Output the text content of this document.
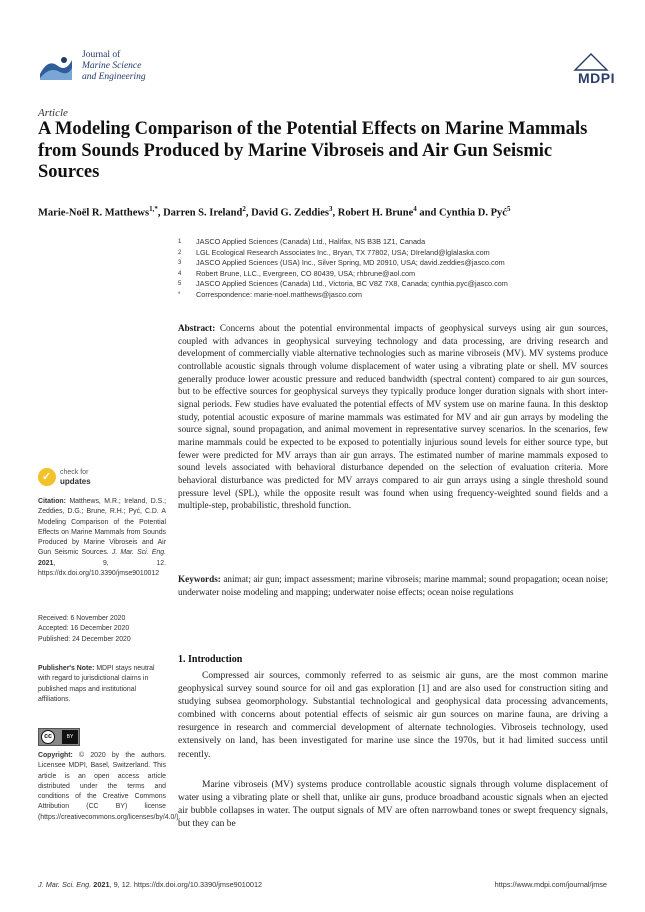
Journal of
Marine Science
and Engineering	MDPI
Article
A Modeling Comparison of the Potential Effects on Marine Mammals from Sounds Produced by Marine Vibroseis and Air Gun Seismic Sources
Marie-Noël R. Matthews$^{1,*}$, Darren S. Ireland$^2$, David G. Zeddies$^3$, Robert H. Brune$^4$ and Cynthia D. Pyć$^5$
1	JASCO Applied Sciences (Canada) Ltd., Halifax, NS B3B 1Z1, Canada
2	LGL Ecological Research Associates Inc., Bryan, TX 77802, USA; DIreland@lglalaska.com
3	JASCO Applied Sciences (USA) Inc., Silver Spring, MD 20910, USA; david.zeddies@jasco.com
4	Robert Brune, LLC., Evergreen, CO 80439, USA; rhbrune@aol.com
5	JASCO Applied Sciences (Canada) Ltd., Victoria, BC V8Z 7X8, Canada; cynthia.pyc@jasco.com
*	Correspondence: marie-noel.matthews@jasco.com

Abstract: Concerns about the potential environmental impacts of geophysical surveys using air gun sources, coupled with advances in geophysical surveying technology and data processing, are driving research and development of commercially viable alternative technologies such as marine vibroseis (MV). MV systems produce controllable acoustic signals through volume displacement of water using a vibrating plate or shell. MV sources generally produce lower acoustic pressure and reduced bandwidth (spectral content) compared to air gun sources, but to be effective sources for geophysical surveys they typically produce longer duration signals with short inter-signal periods. Few studies have evaluated the potential effects of MV system use on marine fauna. In this desktop study, potential acoustic exposure of marine mammals was estimated for MV and air gun arrays by modeling the source signal, sound propagation, and animal movement in representative survey scenarios. In the scenarios, few marine mammals could be expected to be exposed to potentially injurious sound levels for either source type, but fewer were predicted for MV arrays than air gun arrays. The estimated number of marine mammals exposed to sound levels associated with behavioral disturbance depended on the selection of evaluation criteria. More behavioral disturbance was predicted for MV arrays compared to air gun arrays using a single threshold sound pressure level (SPL), while the opposite result was found when using frequency-weighted sound fields and a multiple-step, probabilistic, threshold function.

Keywords: animat; air gun; impact assessment; marine vibroseis; marine mammal; sound propagation; ocean noise; underwater noise modeling and mapping; underwater noise effects; ocean noise regulations

✓ check for
updates
Citation: Matthews, M.R.; Ireland, D.S.; Zeddies, D.G.; Brune, R.H.; Pyć, C.D. A Modeling Comparison of the Potential Effects on Marine Mammals from Sounds Produced by Marine Vibroseis and Air Gun Seismic Sources. J. Mar. Sci. Eng. 2021, 9, 12. https://dx.doi.org/10.3390/jmse9010012
Received: 6 November 2020
Accepted: 16 December 2020
Published: 24 December 2020
Publisher's Note: MDPI stays neutral with regard to jurisdictional claims in published maps and institutional affiliations.
cc	BY
Copyright: © 2020 by the authors. Licensee MDPI, Basel, Switzerland. This article is an open access article distributed under the terms and conditions of the Creative Commons Attribution (CC BY) license (https://creativecommons.org/licenses/by/4.0/).
1. Introduction

Compressed air sources, commonly referred to as seismic air guns, are the most common marine geophysical survey sound source for oil and gas exploration [1] and are also used for construction siting and studying subsea geomorphology. Substantial technological and geophysical data processing advancements, combined with concerns about potential effects of seismic air gun sources on marine fauna, are driving a resurgence in research and commercial development of alternate technologies. Vibroseis technology, used extensively on land, has been investigated for marine use since the 1970s, but it had limited success until recently.

Marine vibroseis (MV) systems produce controllable acoustic signals through volume displacement of water using a vibrating plate or shell that, unlike air guns, produce broadband acoustic signals when an ejected air bubble collapses in water. The output signals of MV are often narrowband tones or swept frequency signals, but they can be

J. Mar. Sci. Eng. 2021, 9, 12. https://dx.doi.org/10.3390/jmse9010012	https://www.mdpi.com/journal/jmse
